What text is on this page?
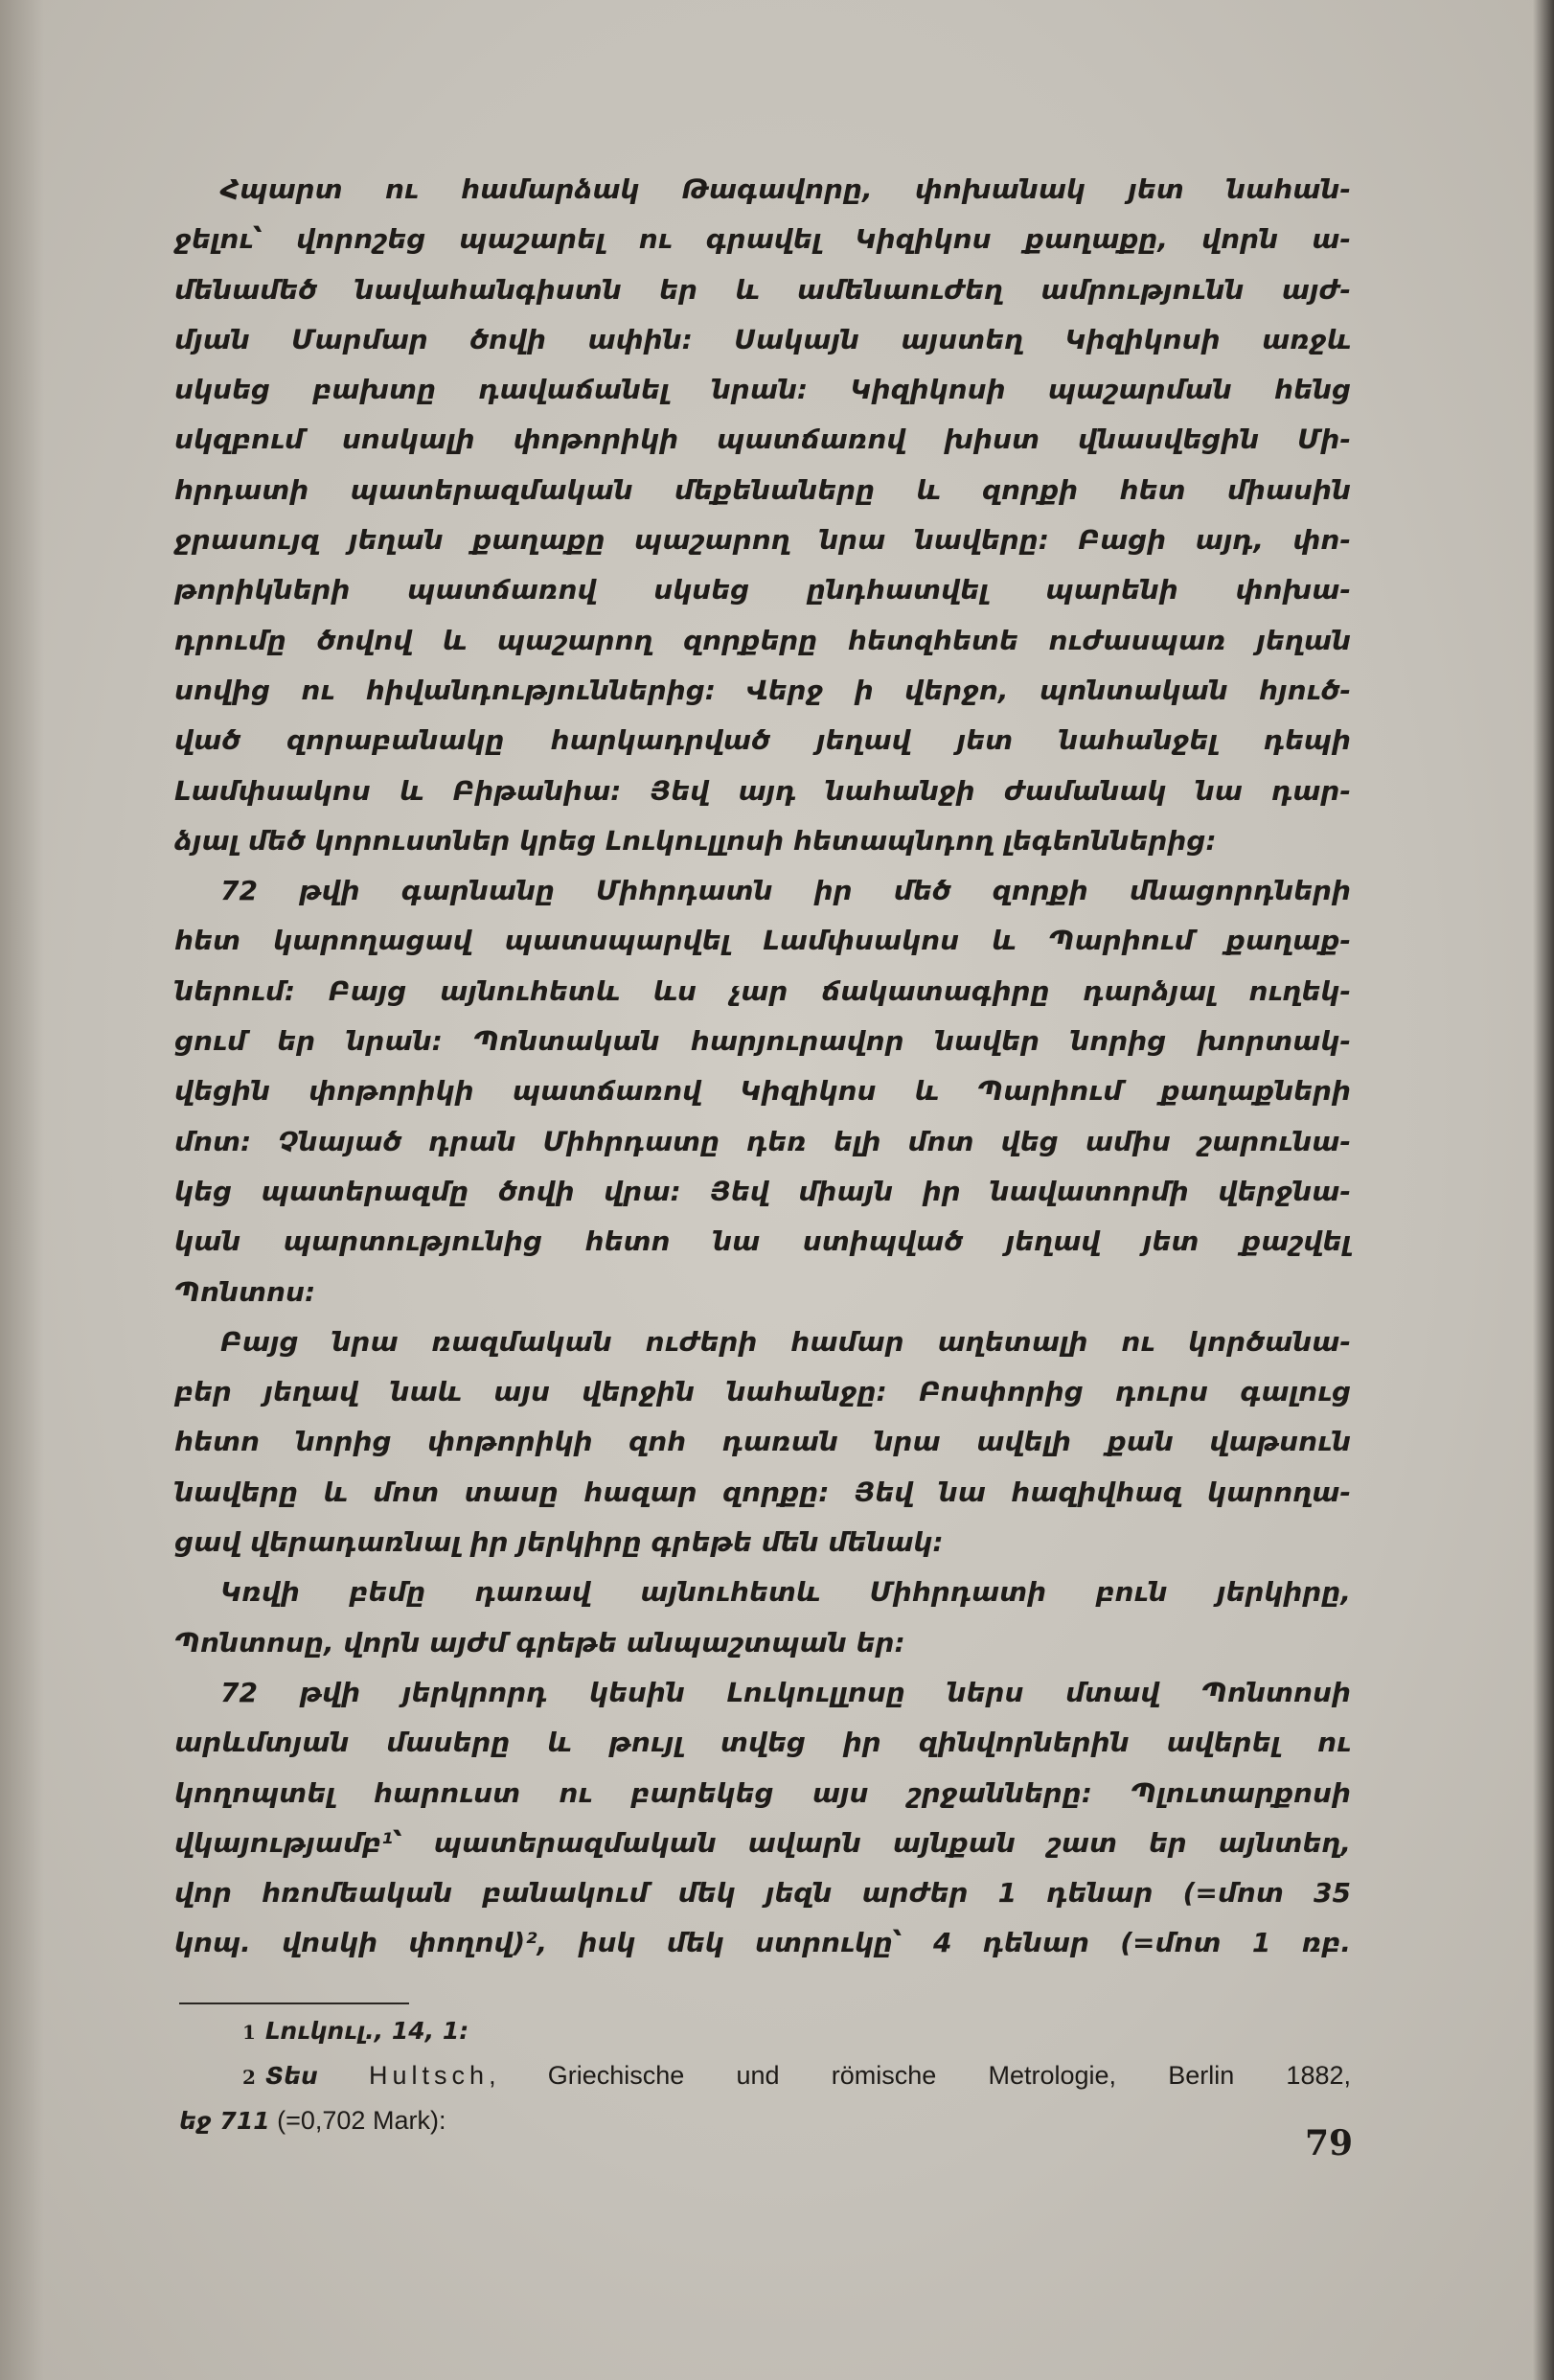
Հպարտ ու համարձակ Թագավորը, փոխանակ յետ նահան-
ջելու՝ վորոշեց պաշարել ու գրավել Կիզիկոս քաղաքը, վորն ա-
մենամեծ նավահանգիստն եր և ամենաուժեղ ամրությունն այժ-
մյան Մարմար ծովի ափին։ Սակայն այստեղ Կիզիկոսի առջև
սկսեց բախտը դավաճանել նրան։ Կիզիկոսի պաշարման հենց
սկզբում սոսկալի փոթորիկի պատճառով խիստ վնասվեցին Մի-
հրդատի պատերազմական մեքենաները և զորքի հետ միասին
ջրասույզ յեղան քաղաքը պաշարող նրա նավերը։ Բացի այդ, փո-
թորիկների պատճառով սկսեց ընդհատվել պարենի փոխա-
դրումը ծովով և պաշարող զորքերը հետզհետե ուժասպառ յեղան
սովից ու հիվանդություններից։ Վերջ ի վերջո, պոնտական հյուծ-
ված զորաբանակը հարկադրված յեղավ յետ նահանջել դեպի
Լամփսակոս և Բիթանիա։ Յեվ այդ նահանջի ժամանակ նա դար-
ձյալ մեծ կորուստներ կրեց Լուկուլլոսի հետապնդող լեգեոններից։
72 թվի գարնանը Միհրդատն իր մեծ զորքի մնացորդների
հետ կարողացավ պատսպարվել Լամփսակոս և Պարիում քաղաք-
ներում։ Բայց այնուհետև ևս չար ճակատագիրը դարձյալ ուղեկ-
ցում եր նրան։ Պոնտական հարյուրավոր նավեր նորից խորտակ-
վեցին փոթորիկի պատճառով Կիզիկոս և Պարիում քաղաքների
մոտ։ Չնայած դրան Միհրդատը դեռ ելի մոտ վեց ամիս շարունա-
կեց պատերազմը ծովի վրա։ Յեվ միայն իր նավատորմի վերջնա-
կան պարտությունից հետո նա ստիպված յեղավ յետ քաշվել
Պոնտոս։
Բայց նրա ռազմական ուժերի համար աղետալի ու կործանա-
բեր յեղավ նաև այս վերջին նահանջը։ Բոսփորից դուրս գալուց
հետո նորից փոթորիկի զոհ դառան նրա ավելի քան վաթսուն
նավերը և մոտ տասը հազար զորքը։ Յեվ նա հազիվհազ կարողա-
ցավ վերադառնալ իր յերկիրը գրեթե մեն մենակ։
Կռվի բեմը դառավ այնուհետև Միհրդատի բուն յերկիրը,
Պոնտոսը, վորն այժմ գրեթե անպաշտպան եր։
72 թվի յերկրորդ կեսին Լուկուլլոսը ներս մտավ Պոնտոսի
արևմտյան մասերը և թույլ տվեց իր զինվորներին ավերել ու
կողոպտել հարուստ ու բարեկեց այս շրջանները։ Պլուտարքոսի
վկայությամբ¹՝ պատերազմական ավարն այնքան շատ եր այնտեղ,
վոր հռոմեական բանակում մեկ յեզն արժեր 1 դենար (=մոտ 35
կոպ. վոսկի փողով)², իսկ մեկ ստրուկը՝ 4 դենար (=մոտ 1 ռբ.
1 Լուկուլ., 14, 1։
2 Տես Hultsch, Griechische und römische Metrologie, Berlin 1882,
եջ 711 (=0,702 Mark):
79
